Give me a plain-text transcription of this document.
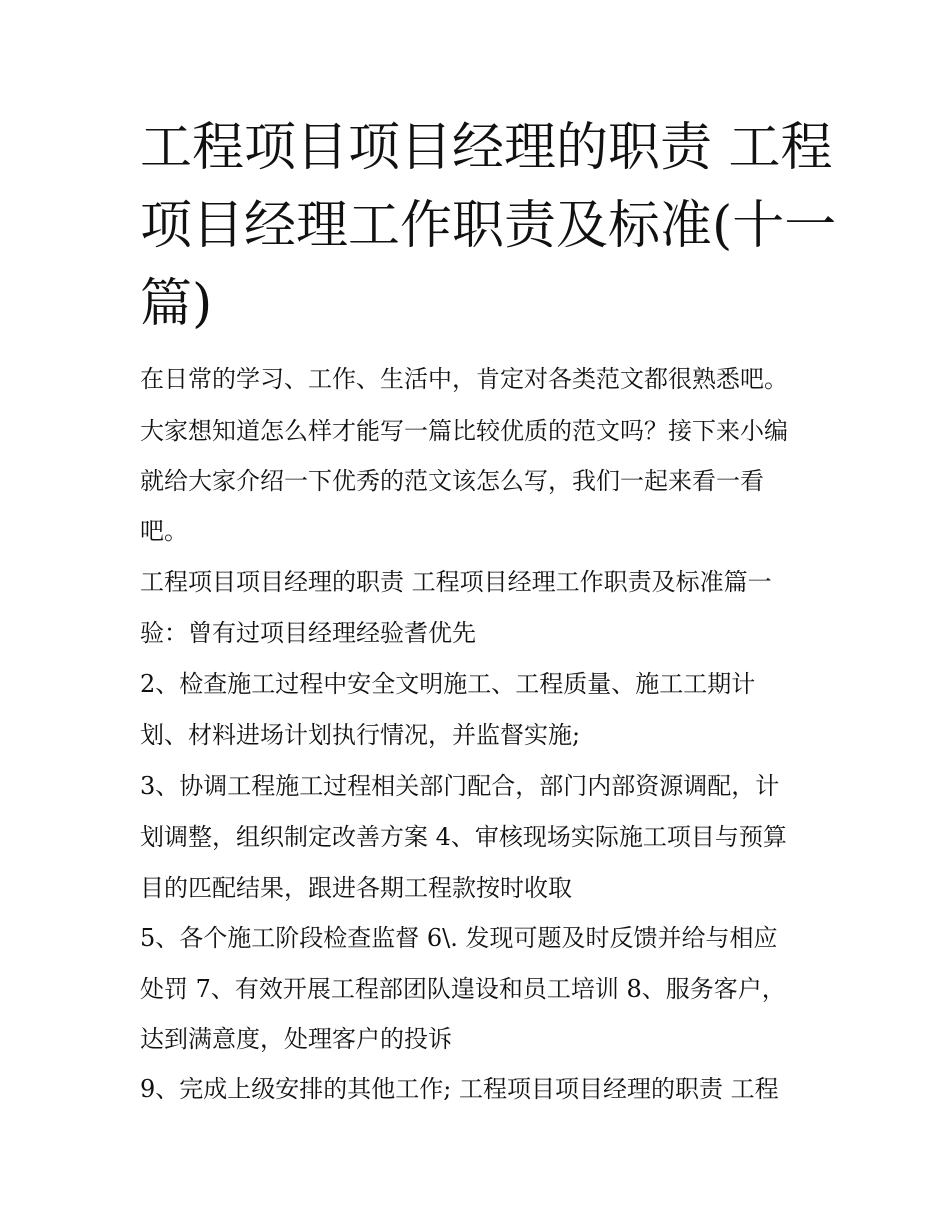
工程项目项目经理的职责 工程
项目经理工作职责及标准(十一
篇)
在日常的学习、工作、生活中，肯定对各类范文都很熟悉吧。
大家想知道怎么样才能写一篇比较优质的范文吗？接下来小编
就给大家介绍一下优秀的范文该怎么写，我们一起来看一看
吧。
工程项目项目经理的职责 工程项目经理工作职责及标准篇一
验：曾有过项目经理经验耆优先
2、检查施工过程中安全文明施工、工程质量、施工工期计
划、材料进场计划执行情况，并监督实施;
3、协调工程施工过程相关部门配合，部门内部资源调配，计
划调整，组织制定改善方案 4、审核现场实际施工项目与预算
目的匹配结果，跟进各期工程款按时收取
5、各个施工阶段检查监督 6\. 发现可题及时反馈并给与相应
处罚 7、有效开展工程部团队遑设和员工培训 8、服务客户，
达到满意度，处理客户的投诉
9、完成上级安排的其他工作; 工程项目项目经理的职责 工程
